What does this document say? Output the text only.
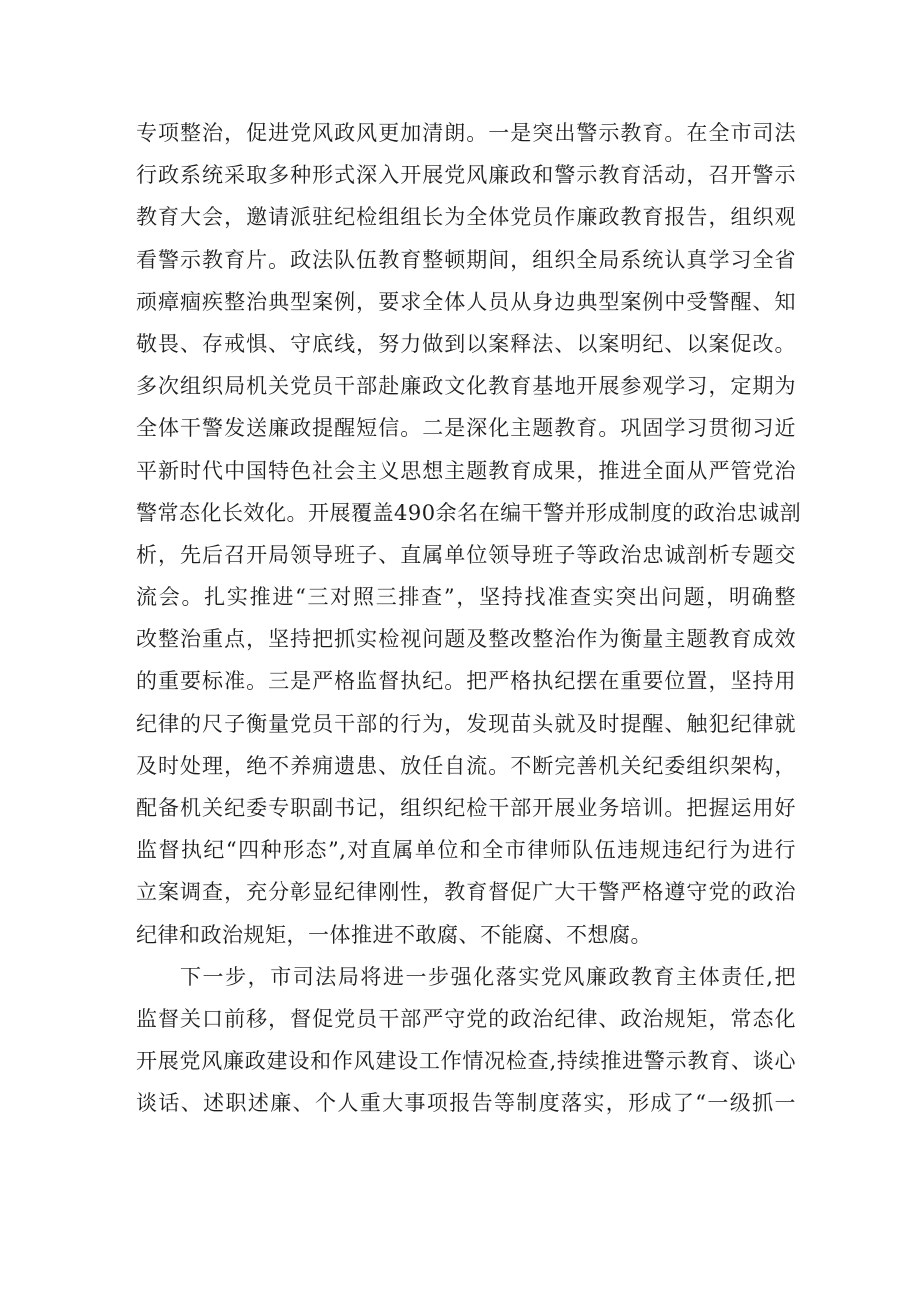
专项整治，促进党风政风更加清朗。一是突出警示教育。在全市司法
行政系统采取多种形式深入开展党风廉政和警示教育活动，召开警示
教育大会，邀请派驻纪检组组长为全体党员作廉政教育报告，组织观
看警示教育片。政法队伍教育整顿期间，组织全局系统认真学习全省
顽瘴痼疾整治典型案例，要求全体人员从身边典型案例中受警醒、知
敬畏、存戒惧、守底线，努力做到以案释法、以案明纪、以案促改。
多次组织局机关党员干部赴廉政文化教育基地开展参观学习，定期为
全体干警发送廉政提醒短信。二是深化主题教育。巩固学习贯彻习近
平新时代中国特色社会主义思想主题教育成果，推进全面从严管党治
警常态化长效化。开展覆盖490余名在编干警并形成制度的政治忠诚剖
析，先后召开局领导班子、直属单位领导班子等政治忠诚剖析专题交
流会。扎实推进“三对照三排查”，坚持找准查实突出问题，明确整
改整治重点，坚持把抓实检视问题及整改整治作为衡量主题教育成效
的重要标准。三是严格监督执纪。把严格执纪摆在重要位置，坚持用
纪律的尺子衡量党员干部的行为，发现苗头就及时提醒、触犯纪律就
及时处理，绝不养痈遗患、放任自流。不断完善机关纪委组织架构，
配备机关纪委专职副书记，组织纪检干部开展业务培训。把握运用好
监督执纪“四种形态”,对直属单位和全市律师队伍违规违纪行为进行
立案调查，充分彰显纪律刚性，教育督促广大干警严格遵守党的政治
纪律和政治规矩，一体推进不敢腐、不能腐、不想腐。
下一步，市司法局将进一步强化落实党风廉政教育主体责任,把
监督关口前移，督促党员干部严守党的政治纪律、政治规矩，常态化
开展党风廉政建设和作风建设工作情况检查,持续推进警示教育、谈心
谈话、述职述廉、个人重大事项报告等制度落实，形成了“一级抓一
